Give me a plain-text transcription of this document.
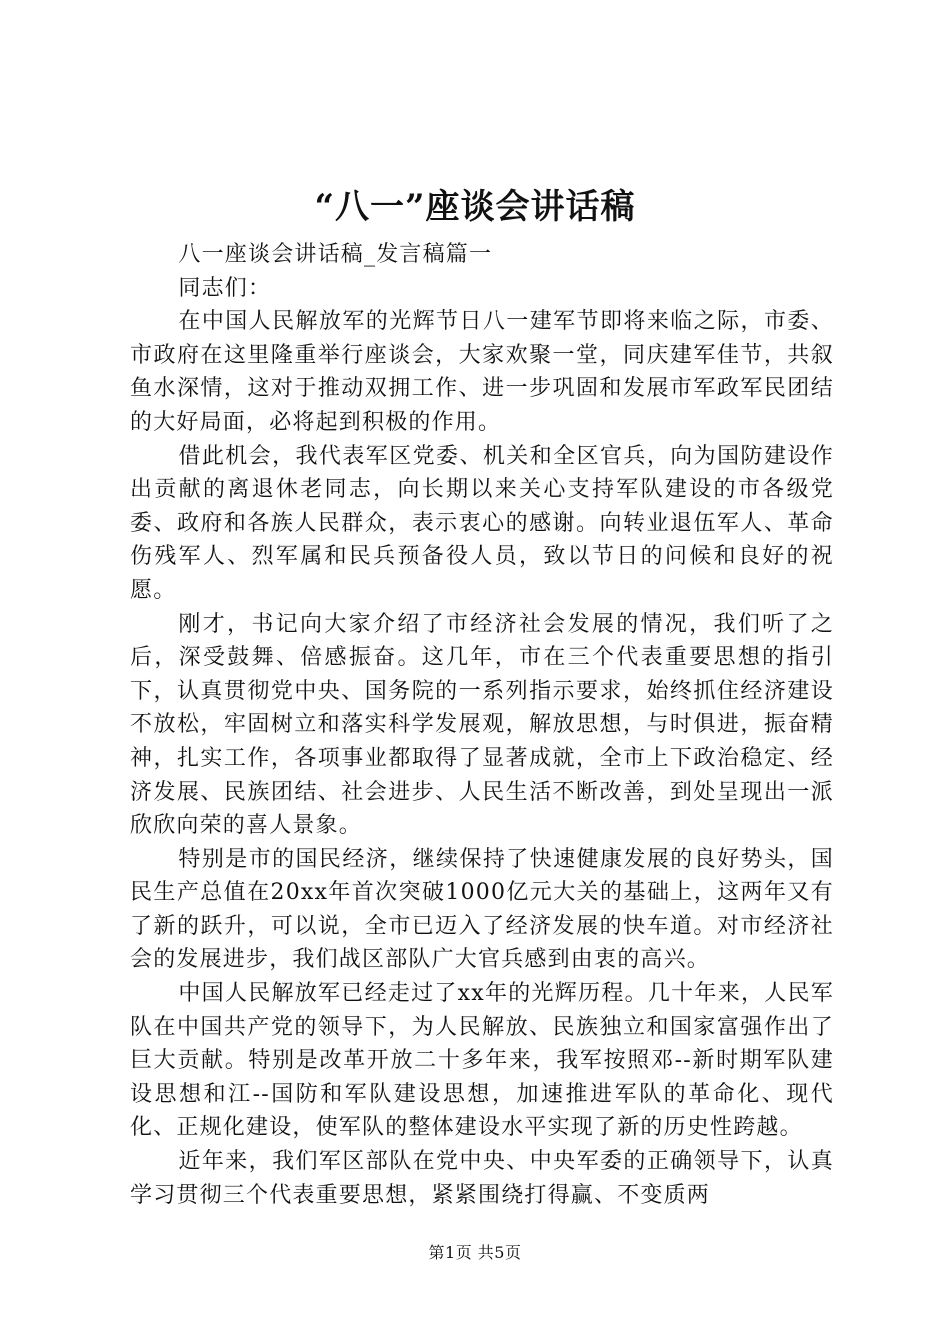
“八一”座谈会讲话稿

八一座谈会讲话稿_发言稿篇一

同志们：

在中国人民解放军的光辉节日八一建军节即将来临之际，市委、市政府在这里隆重举行座谈会，大家欢聚一堂，同庆建军佳节，共叙鱼水深情，这对于推动双拥工作、进一步巩固和发展市军政军民团结的大好局面，必将起到积极的作用。

借此机会，我代表军区党委、机关和全区官兵，向为国防建设作出贡献的离退休老同志，向长期以来关心支持军队建设的市各级党委、政府和各族人民群众，表示衷心的感谢。向转业退伍军人、革命伤残军人、烈军属和民兵预备役人员，致以节日的问候和良好的祝愿。

刚才，书记向大家介绍了市经济社会发展的情况，我们听了之后，深受鼓舞、倍感振奋。这几年，市在三个代表重要思想的指引下，认真贯彻党中央、国务院的一系列指示要求，始终抓住经济建设不放松，牢固树立和落实科学发展观，解放思想，与时俱进，振奋精神，扎实工作，各项事业都取得了显著成就，全市上下政治稳定、经济发展、民族团结、社会进步、人民生活不断改善，到处呈现出一派欣欣向荣的喜人景象。

特别是市的国民经济，继续保持了快速健康发展的良好势头，国民生产总值在20xx年首次突破1000亿元大关的基础上，这两年又有了新的跃升，可以说，全市已迈入了经济发展的快车道。对市经济社会的发展进步，我们战区部队广大官兵感到由衷的高兴。

中国人民解放军已经走过了xx年的光辉历程。几十年来，人民军队在中国共产党的领导下，为人民解放、民族独立和国家富强作出了巨大贡献。特别是改革开放二十多年来，我军按照邓--新时期军队建设思想和江--国防和军队建设思想，加速推进军队的革命化、现代化、正规化建设，使军队的整体建设水平实现了新的历史性跨越。

近年来，我们军区部队在党中央、中央军委的正确领导下，认真学习贯彻三个代表重要思想，紧紧围绕打得赢、不变质两

第1页 共5页
